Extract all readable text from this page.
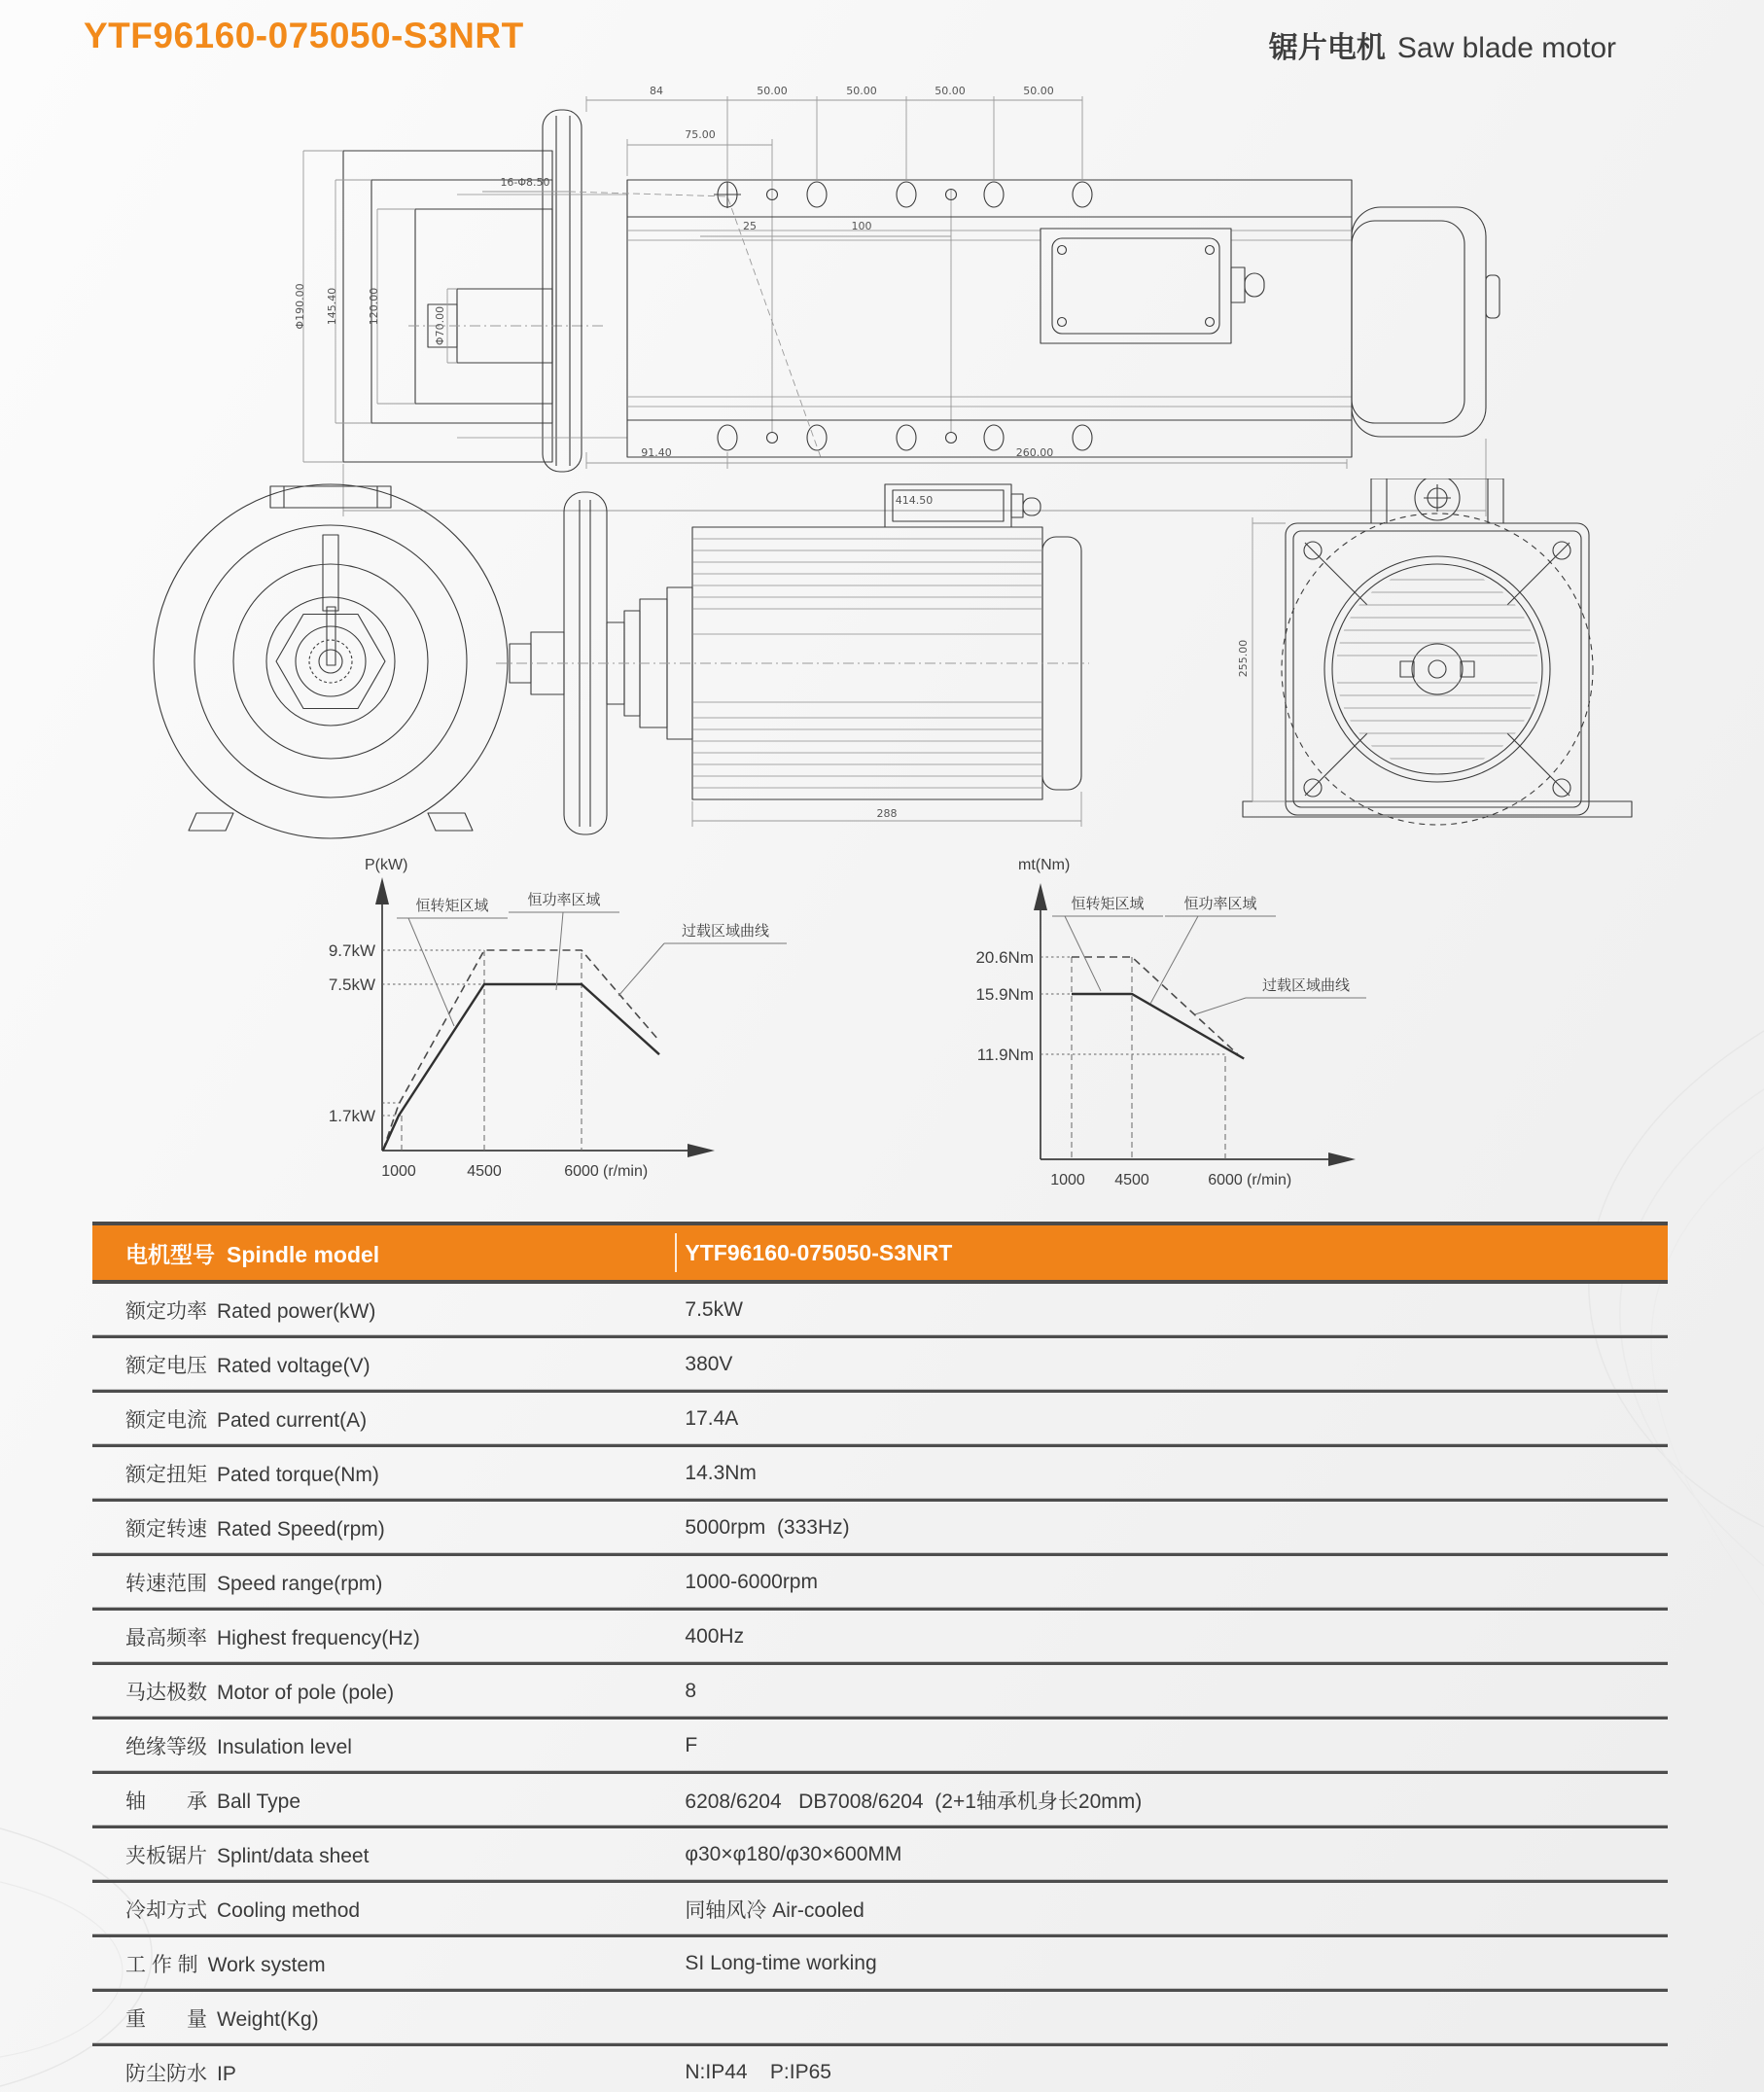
YTF96160-075050-S3NRT	锯片电机 Saw blade motor
84	50.00	50.00	50.00	50.00
75.00
16-Φ8.50
25	100
91.40	260.00
414.50
Φ190.00 145.40	120.00	Φ70.00
288
255.00
P(kW)
恒转矩区域	恒功率区域
过载区域曲线
9.7kW
7.5kW
1.7kW
1000	4500	6000 (r/min)
mt(Nm)
恒转矩区域	恒功率区域
过载区域曲线
20.6Nm
15.9Nm
11.9Nm
1000 4500	6000 (r/min)
电机型号 Spindle model	YTF96160-075050-S3NRT
额定功率 Rated power(kW)	7.5kW
额定电压 Rated voltage(V)	380V
额定电流 Pated current(A)	17.4A
额定扭矩 Pated torque(Nm)	14.3Nm
额定转速 Rated Speed(rpm)	5000rpm  (333Hz)
转速范围 Speed range(rpm)	1000-6000rpm
最高频率 Highest frequency(Hz)	400Hz
马达极数 Motor of pole (pole)	8
绝缘等级 Insulation level	F
轴　　承 Ball Type	6208/6204   DB7008/6204  (2+1轴承机身长20mm)
夹板锯片 Splint/data sheet	φ30×φ180/φ30×600MM
冷却方式 Cooling method	同轴风冷 Air-cooled
工 作 制 Work system	SI Long-time working
重　　量 Weight(Kg)
防尘防水 IP	N:IP44    P:IP65
